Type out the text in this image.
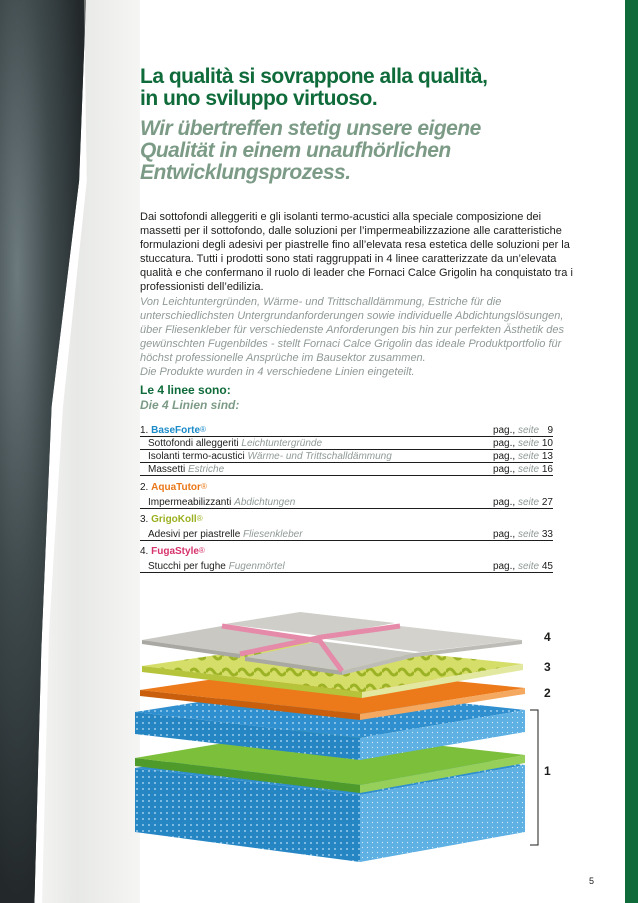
La qualità si sovrappone alla qualità,
in uno sviluppo virtuoso.
Wir übertreffen stetig unsere eigene
Qualität in einem unaufhörlichen
Entwicklungsprozess.
Dai sottofondi alleggeriti e gli isolanti termo-acustici alla speciale composizione dei
massetti per il sottofondo, dalle soluzioni per l’impermeabilizzazione alle caratteristiche
formulazioni degli adesivi per piastrelle fino all’elevata resa estetica delle soluzioni per la
stuccatura. Tutti i prodotti sono stati raggruppati in 4 linee caratterizzate da un’elevata
qualità e che confermano il ruolo di leader che Fornaci Calce Grigolin ha conquistato tra i
professionisti dell’edilizia.
Von Leichtuntergründen, Wärme- und Trittschalldämmung, Estriche für die
unterschiedlichsten Untergrundanforderungen sowie individuelle Abdichtungslösungen,
über Fliesenkleber für verschiedenste Anforderungen bis hin zur perfekten Ästhetik des
gewünschten Fugenbildes - stellt Fornaci Calce Grigolin das ideale Produktportfolio für
höchst professionelle Ansprüche im Bausektor zusammen.
Die Produkte wurden in 4 verschiedene Linien eingeteilt.
Le 4 linee sono:
Die 4 Linien sind:
1. BaseForte®	pag., seite 9
Sottofondi alleggeriti Leichtuntergründe	pag., seite 10
Isolanti termo-acustici Wärme- und Trittschalldämmung	pag., seite 13
Massetti Estriche	pag., seite 16
2. AquaTutor®
Impermeabilizzanti Abdichtungen	pag., seite 27
3. GrigoKoll®
Adesivi per piastrelle Fliesenkleber	pag., seite 33
4. FugaStyle®
Stucchi per fughe Fugenmörtel	pag., seite 45
4
3
2
1
5
